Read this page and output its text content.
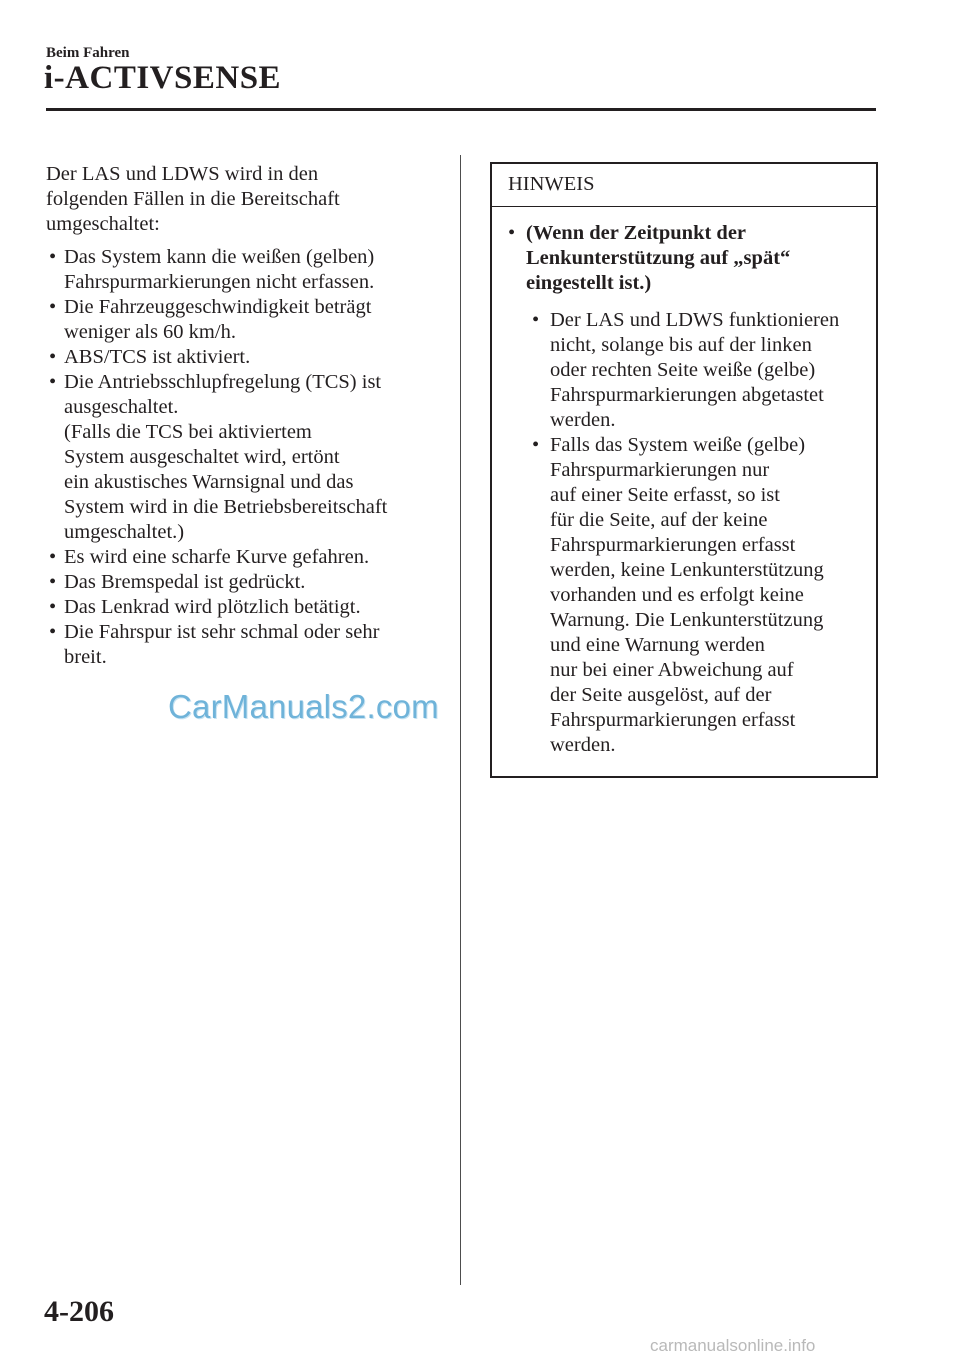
Beim Fahren
i-ACTIVSENSE

Der LAS und LDWS wird in den

folgenden Fällen in die Bereitschaft

umgeschaltet:

• Das System kann die weißen (gelben)
Fahrspurmarkierungen nicht erfassen.
• Die Fahrzeuggeschwindigkeit beträgt
weniger als 60 km/h.
• ABS/TCS ist aktiviert.
• Die Antriebsschlupfregelung (TCS) ist
ausgeschaltet.
(Falls die TCS bei aktiviertem
System ausgeschaltet wird, ertönt
ein akustisches Warnsignal und das
System wird in die Betriebsbereitschaft
umgeschaltet.)
• Es wird eine scharfe Kurve gefahren.
• Das Bremspedal ist gedrückt.
• Das Lenkrad wird plötzlich betätigt.
• Die Fahrspur ist sehr schmal oder sehr
breit.
CarManuals2.com
HINWEIS
• (Wenn der Zeitpunkt der
Lenkunterstützung auf „spät“
eingestellt ist.)
• Der LAS und LDWS funktionieren
nicht, solange bis auf der linken
oder rechten Seite weiße (gelbe)
Fahrspurmarkierungen abgetastet
werden.
• Falls das System weiße (gelbe)
Fahrspurmarkierungen nur
auf einer Seite erfasst, so ist
für die Seite, auf der keine
Fahrspurmarkierungen erfasst
werden, keine Lenkunterstützung
vorhanden und es erfolgt keine
Warnung. Die Lenkunterstützung
und eine Warnung werden
nur bei einer Abweichung auf
der Seite ausgelöst, auf der
Fahrspurmarkierungen erfasst
werden.
4-206
carmanualsonline.info
